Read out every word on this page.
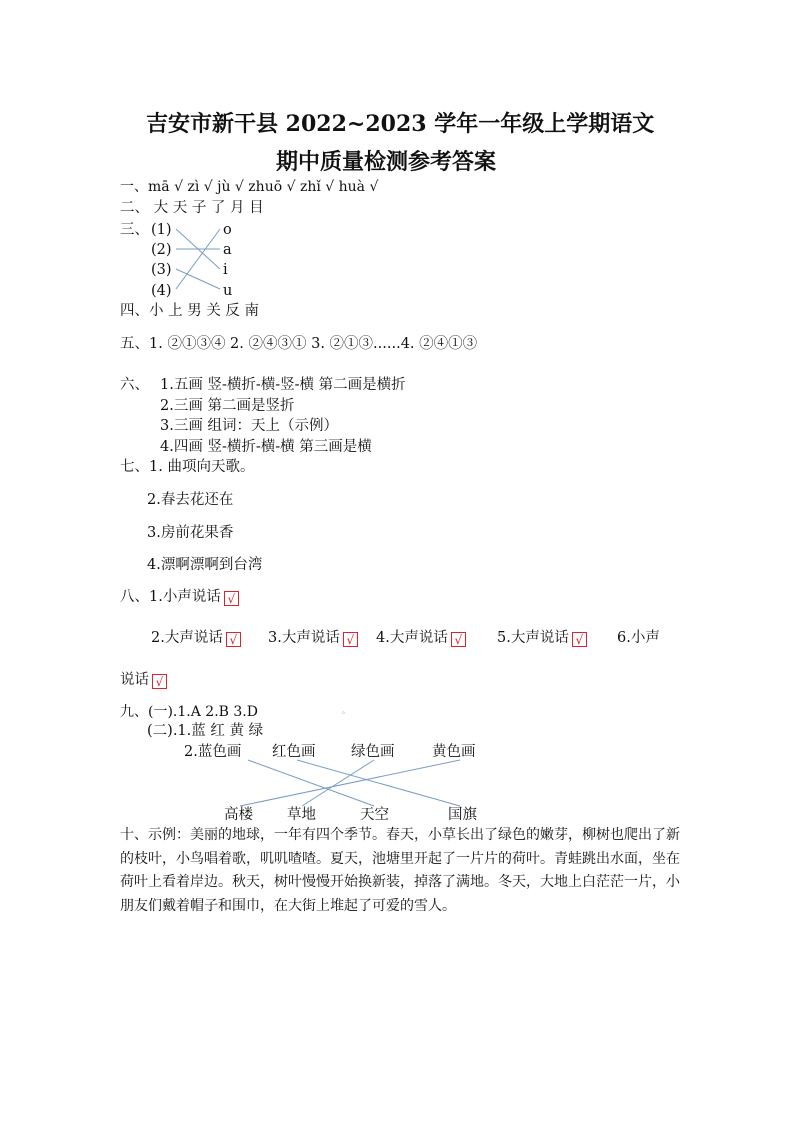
吉安市新干县 2022~2023 学年一年级上学期语文
期中质量检测参考答案
一、mā √ zì √ jù √ zhuō √ zhǐ √ huà √
二、 大 天 子 了 月 目
三、 (1)
(2)
(3)
(4)
o
a
i
u
四、小 上 男 关 反 南
五、1. ②①③④ 2. ②④③① 3. ②①③......4. ②④①③
六、 1.五画 竖-横折-横-竖-横 第二画是横折
2.三画 第二画是竖折
3.三画 组词：天上（示例）
4.四画 竖-横折-横-横 第三画是横
七、1. 曲项向天歌。
2.春去花还在
3.房前花果香
4.漂啊漂啊到台湾
八、1.小声说话 √
2.大声说话 √ 3.大声说话 √ 4.大声说话 √ 5.大声说话 √ 6.小声
说话 √
九、(一).1.A 2.B 3.D	。
(二).1.蓝 红 黄 绿
2.蓝色画 红色画 绿色画	黄色画
高楼 草地	天空	国旗
十、示例：美丽的地球，一年有四个季节。春天，小草长出了绿色的嫩芽，柳树也爬出了新的枝叶，小鸟唱着歌，叽叽喳喳。夏天，池塘里开起了一片片的荷叶。青蛙跳出水面，坐在荷叶上看着岸边。秋天，树叶慢慢开始换新装，掉落了满地。冬天，大地上白茫茫一片，小朋友们戴着帽子和围巾，在大街上堆起了可爱的雪人。
